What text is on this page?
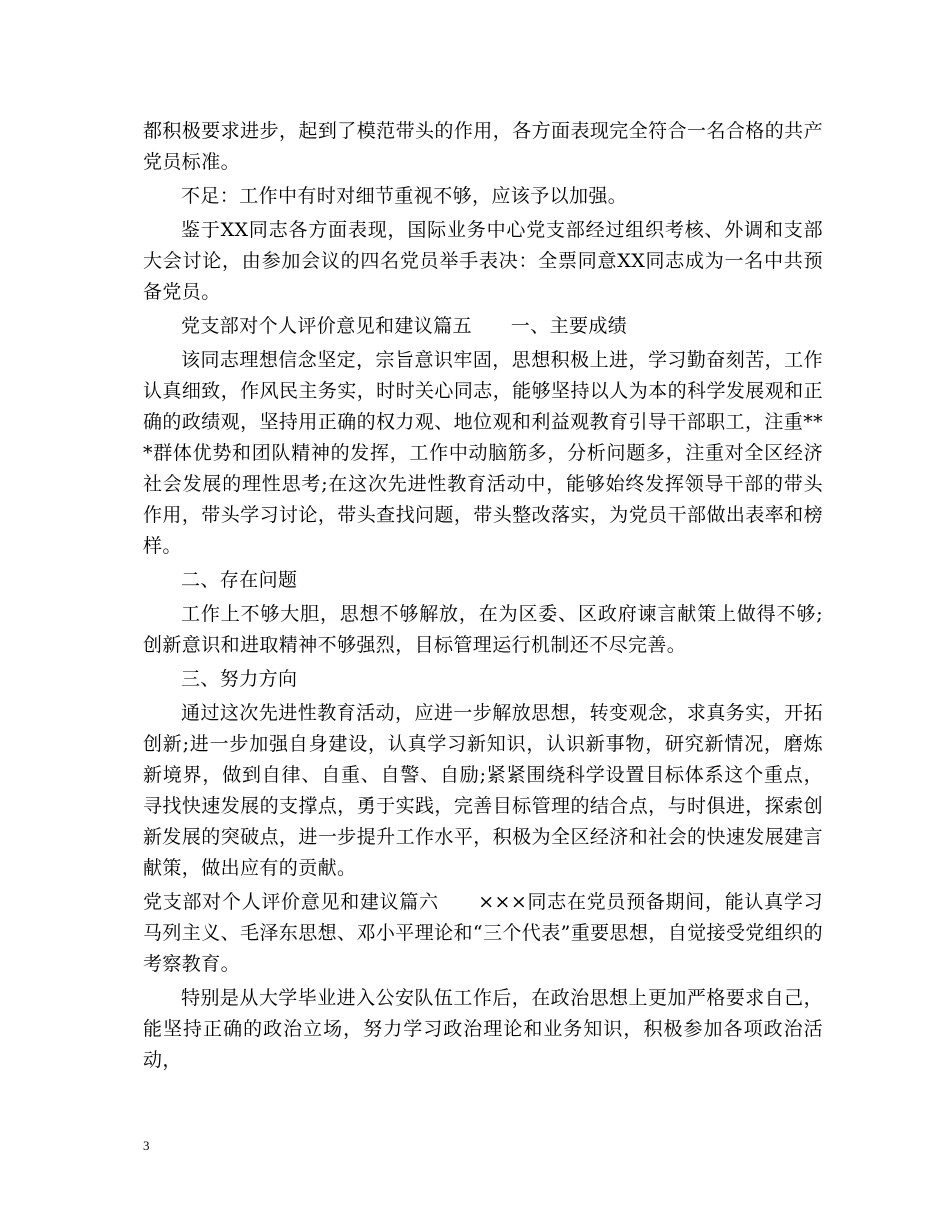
都积极要求进步，起到了模范带头的作用，各方面表现完全符合一名合格的共产党员标准。

不足：工作中有时对细节重视不够，应该予以加强。

鉴于XX同志各方面表现，国际业务中心党支部经过组织考核、外调和支部大会讨论，由参加会议的四名党员举手表决：全票同意XX同志成为一名中共预备党员。

党支部对个人评价意见和建议篇五　　一、主要成绩

该同志理想信念坚定，宗旨意识牢固，思想积极上进，学习勤奋刻苦，工作认真细致，作风民主务实，时时关心同志，能够坚持以人为本的科学发展观和正确的政绩观，坚持用正确的权力观、地位观和利益观教育引导干部职工，注重***群体优势和团队精神的发挥，工作中动脑筋多，分析问题多，注重对全区经济社会发展的理性思考;在这次先进性教育活动中，能够始终发挥领导干部的带头作用，带头学习讨论，带头查找问题，带头整改落实，为党员干部做出表率和榜样。

二、存在问题

工作上不够大胆，思想不够解放，在为区委、区政府谏言献策上做得不够;创新意识和进取精神不够强烈，目标管理运行机制还不尽完善。

三、努力方向

通过这次先进性教育活动，应进一步解放思想，转变观念，求真务实，开拓创新;进一步加强自身建设，认真学习新知识，认识新事物，研究新情况，磨炼新境界，做到自律、自重、自警、自励;紧紧围绕科学设置目标体系这个重点，寻找快速发展的支撑点，勇于实践，完善目标管理的结合点，与时俱进，探索创新发展的突破点，进一步提升工作水平，积极为全区经济和社会的快速发展建言献策，做出应有的贡献。

党支部对个人评价意见和建议篇六　　×××同志在党员预备期间，能认真学习马列主义、毛泽东思想、邓小平理论和“三个代表”重要思想，自觉接受党组织的考察教育。

特别是从大学毕业进入公安队伍工作后，在政治思想上更加严格要求自己，能坚持正确的政治立场，努力学习政治理论和业务知识，积极参加各项政治活动，

3
